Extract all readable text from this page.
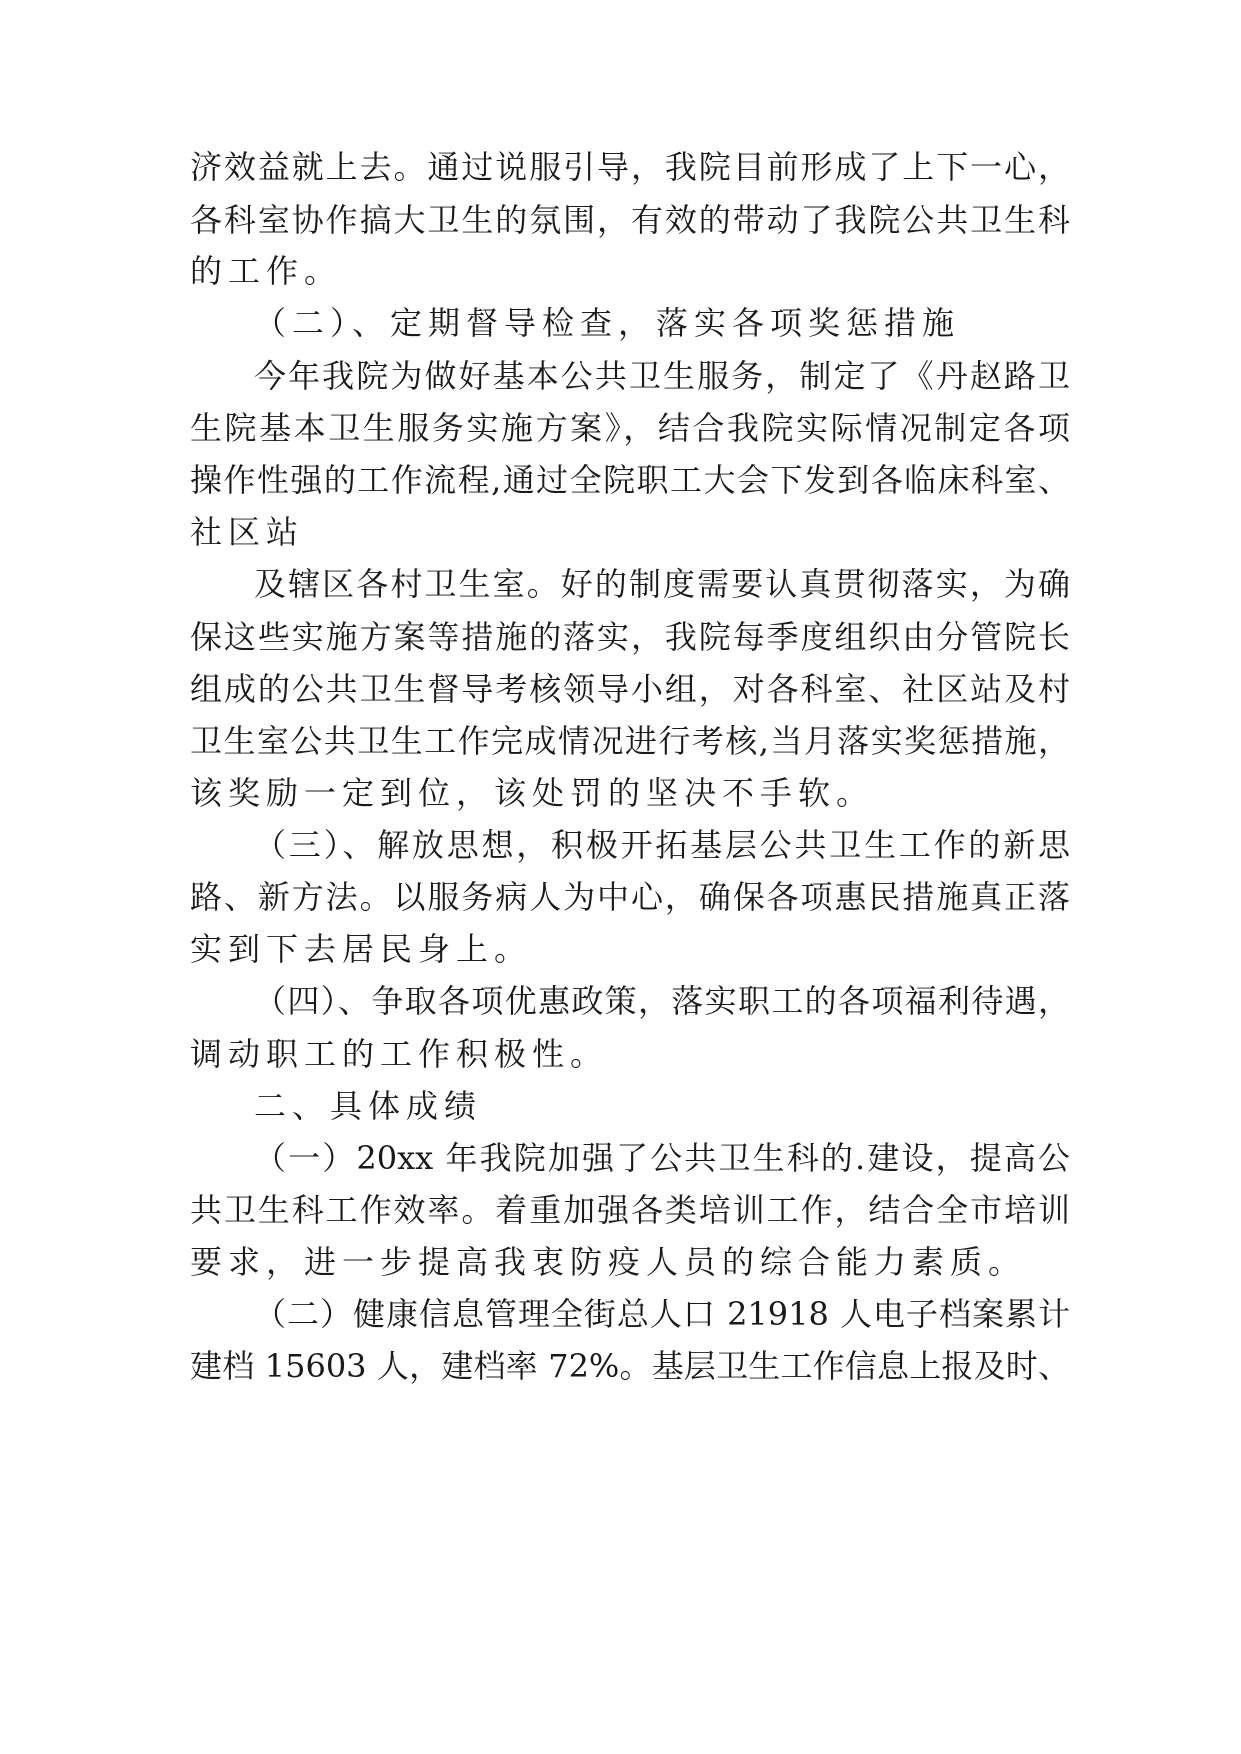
济效益就上去。通过说服引导，我院目前形成了上下一心，
各科室协作搞大卫生的氛围，有效的带动了我院公共卫生科
的工作。
（二）、定期督导检查，落实各项奖惩措施
今年我院为做好基本公共卫生服务，制定了《丹赵路卫
生院基本卫生服务实施方案》，结合我院实际情况制定各项
操作性强的工作流程,通过全院职工大会下发到各临床科室、
社区站
及辖区各村卫生室。好的制度需要认真贯彻落实，为确
保这些实施方案等措施的落实，我院每季度组织由分管院长
组成的公共卫生督导考核领导小组，对各科室、社区站及村
卫生室公共卫生工作完成情况进行考核,当月落实奖惩措施，
该奖励一定到位，该处罚的坚决不手软。
（三）、解放思想，积极开拓基层公共卫生工作的新思
路、新方法。以服务病人为中心，确保各项惠民措施真正落
实到下去居民身上。
（四）、争取各项优惠政策，落实职工的各项福利待遇，
调动职工的工作积极性。
二、具体成绩
（一）20xx 年我院加强了公共卫生科的.建设，提高公
共卫生科工作效率。着重加强各类培训工作，结合全市培训
要求，进一步提高我衷防疫人员的综合能力素质。
（二）健康信息管理全街总人口 21918 人电子档案累计
建档 15603 人，建档率 72%。基层卫生工作信息上报及时、
